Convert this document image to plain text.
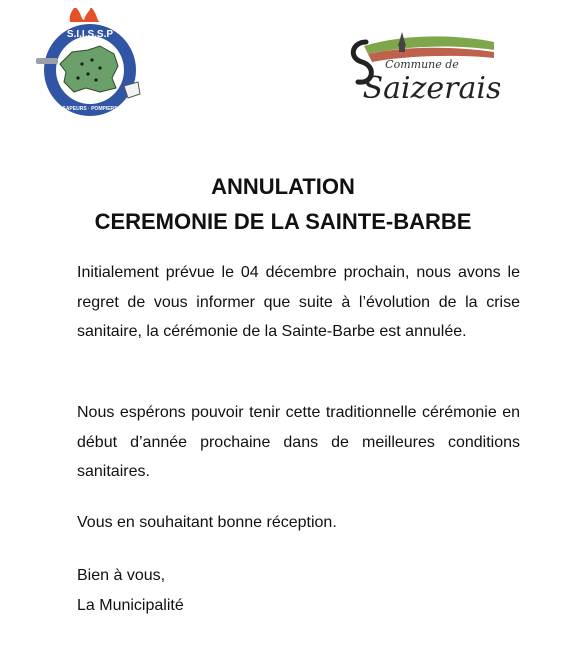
S.I.I.S.S.P
SAPEURS · POMPIERS
Commune de
Saizerais
ANNULATION
CEREMONIE DE LA SAINTE-BARBE
Initialement prévue le 04 décembre prochain, nous avons le regret de vous informer que suite à l’évolution de la crise sanitaire, la cérémonie de la Sainte-Barbe est annulée.
Nous espérons pouvoir tenir cette traditionnelle cérémonie en début d’année prochaine dans de meilleures conditions sanitaires.
Vous en souhaitant bonne réception.
Bien à vous,
La Municipalité
